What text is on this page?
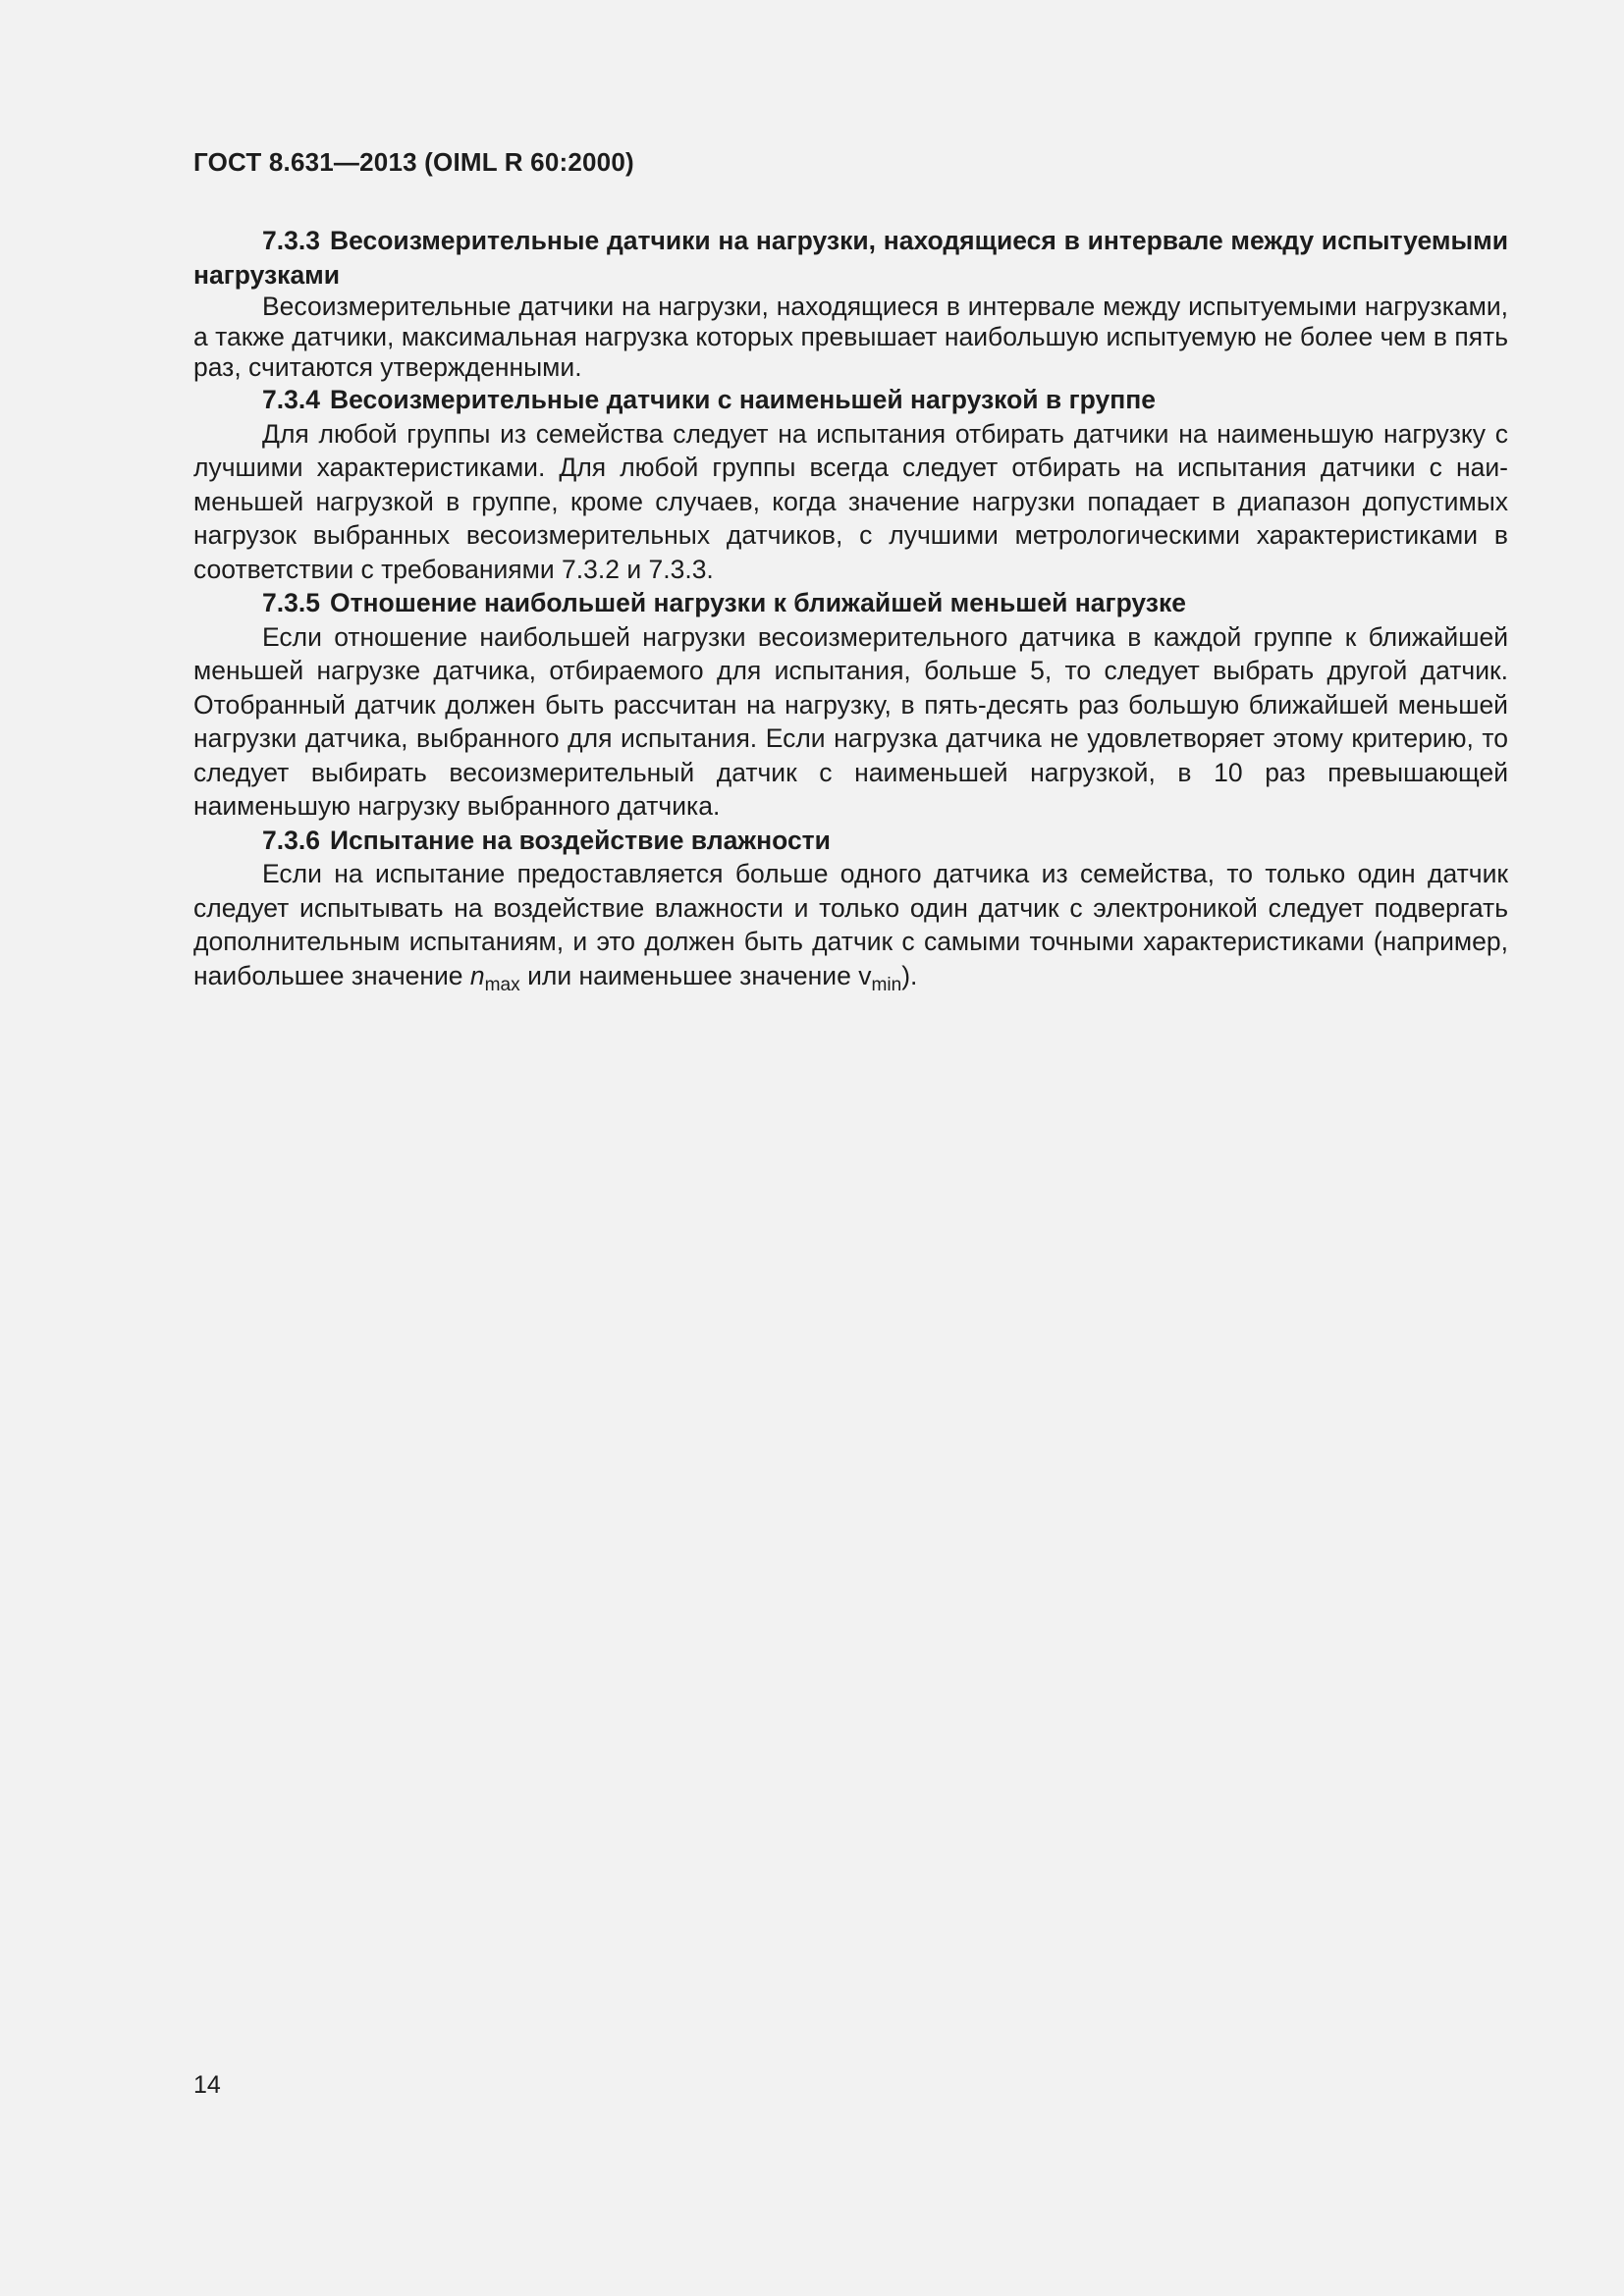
ГОСТ 8.631—2013 (OIML R 60:2000)

7.3.3 Весоизмерительные датчики на нагрузки, находящиеся в интервале между испытуемыми нагрузками

Весоизмерительные датчики на нагрузки, находящиеся в интервале между испытуемыми нагрузками, а также датчики, максимальная нагрузка которых превышает наибольшую испытуемую не более чем в пять раз, считаются утвержденными.

7.3.4 Весоизмерительные датчики с наименьшей нагрузкой в группе

Для любой группы из семейства следует на испытания отбирать датчики на наименьшую нагрузку с лучшими характеристиками. Для любой группы всегда следует отбирать на испытания датчики с наименьшей нагрузкой в группе, кроме случаев, когда значение нагрузки попадает в диапазон допустимых нагрузок выбранных весоизмерительных датчиков, с лучшими метрологическими характеристиками в соответствии с требованиями 7.3.2 и 7.3.3.

7.3.5 Отношение наибольшей нагрузки к ближайшей меньшей нагрузке

Если отношение наибольшей нагрузки весоизмерительного датчика в каждой группе к ближайшей меньшей нагрузке датчика, отбираемого для испытания, больше 5, то следует выбрать другой датчик. Отобранный датчик должен быть рассчитан на нагрузку, в пять-десять раз большую ближайшей меньшей нагрузки датчика, выбранного для испытания. Если нагрузка датчика не удовлетворяет этому критерию, то следует выбирать весоизмерительный датчик с наименьшей нагрузкой, в 10 раз превышающей наименьшую нагрузку выбранного датчика.

7.3.6 Испытание на воздействие влажности

Если на испытание предоставляется больше одного датчика из семейства, то только один датчик следует испытывать на воздействие влажности и только один датчик с электроникой следует подвергать дополнительным испытаниям, и это должен быть датчик с самыми точными характеристиками (например, наибольшее значение $n_{max}$ или наименьшее значение $v_{min}$).

14
